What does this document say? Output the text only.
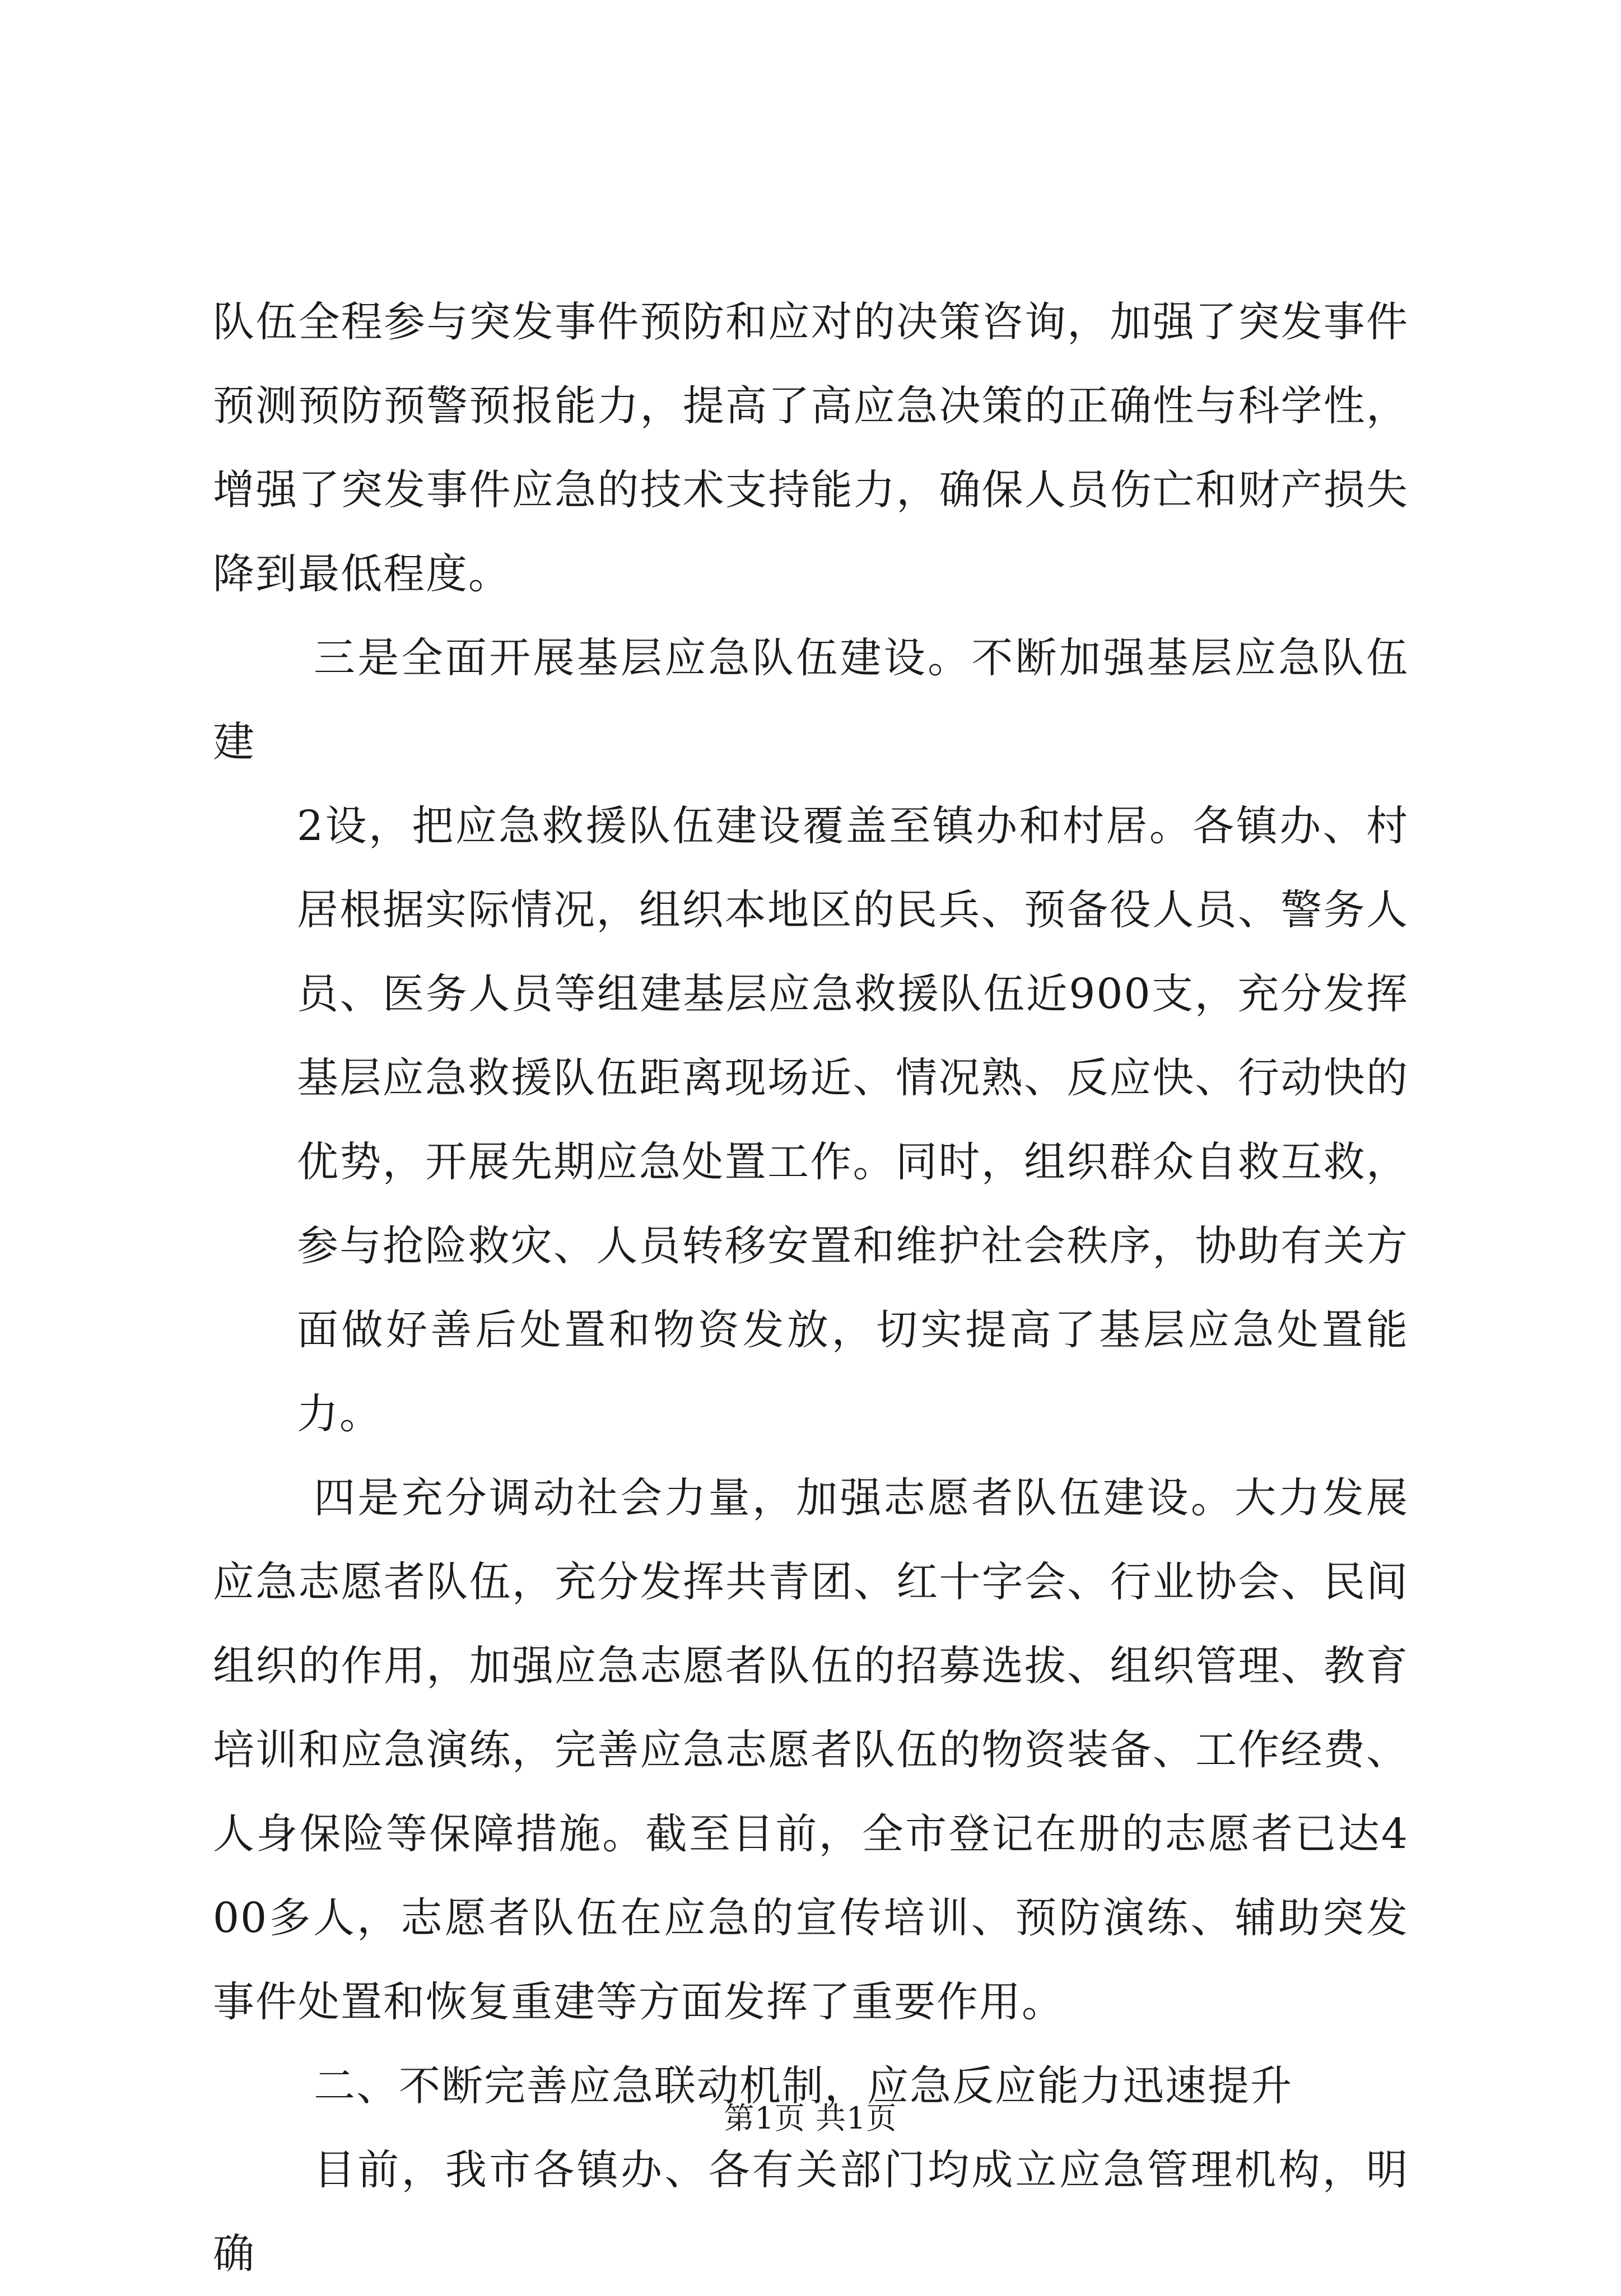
队伍全程参与突发事件预防和应对的决策咨询，加强了突发事件预测预防预警预报能力，提高了高应急决策的正确性与科学性，增强了突发事件应急的技术支持能力，确保人员伤亡和财产损失降到最低程度。

三是全面开展基层应急队伍建设。不断加强基层应急队伍建

2设，把应急救援队伍建设覆盖至镇办和村居。各镇办、村居根据实际情况，组织本地区的民兵、预备役人员、警务人员、医务人员等组建基层应急救援队伍近900支，充分发挥基层应急救援队伍距离现场近、情况熟、反应快、行动快的优势，开展先期应急处置工作。同时，组织群众自救互救，参与抢险救灾、人员转移安置和维护社会秩序，协助有关方面做好善后处置和物资发放，切实提高了基层应急处置能力。

四是充分调动社会力量，加强志愿者队伍建设。大力发展应急志愿者队伍，充分发挥共青团、红十字会、行业协会、民间组织的作用，加强应急志愿者队伍的招募选拔、组织管理、教育培训和应急演练，完善应急志愿者队伍的物资装备、工作经费、人身保险等保障措施。截至目前，全市登记在册的志愿者已达400多人，志愿者队伍在应急的宣传培训、预防演练、辅助突发事件处置和恢复重建等方面发挥了重要作用。

二、不断完善应急联动机制，应急反应能力迅速提升

目前，我市各镇办、各有关部门均成立应急管理机构，明确

第1页 共1页
